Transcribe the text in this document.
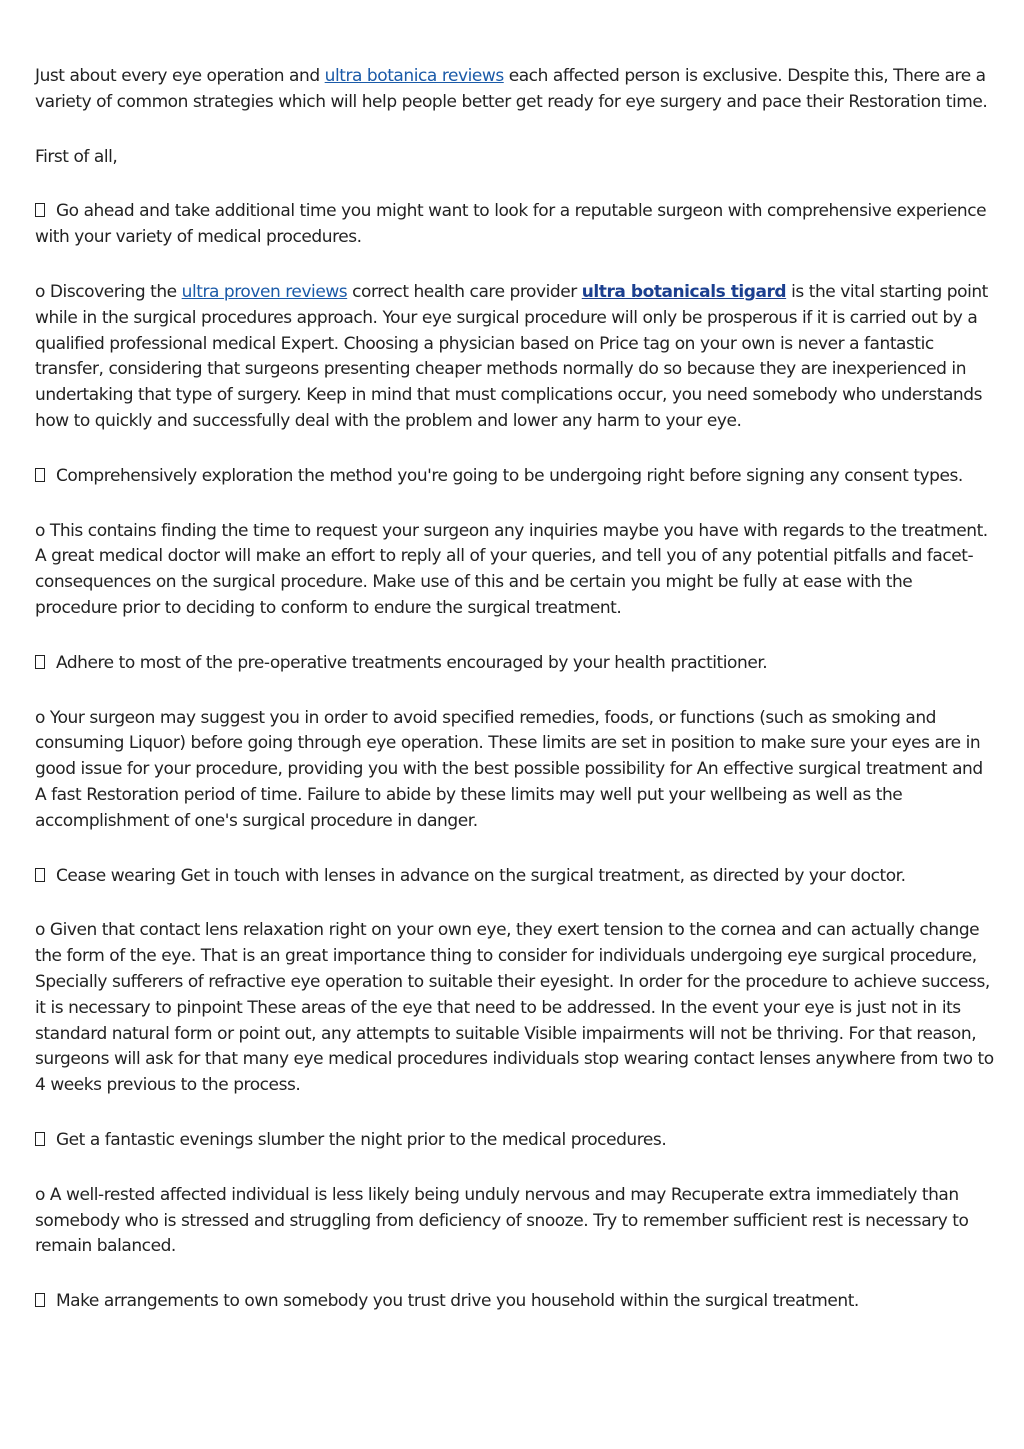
Just about every eye operation and ultra botanica reviews each affected person is exclusive. Despite this, There are a variety of common strategies which will help people better get ready for eye surgery and pace their Restoration time.

First of all,

Go ahead and take additional time you might want to look for a reputable surgeon with comprehensive experience with your variety of medical procedures.

o Discovering the ultra proven reviews correct health care provider ultra botanicals tigard is the vital starting point while in the surgical procedures approach. Your eye surgical procedure will only be prosperous if it is carried out by a qualified professional medical Expert. Choosing a physician based on Price tag on your own is never a fantastic transfer, considering that surgeons presenting cheaper methods normally do so because they are inexperienced in undertaking that type of surgery. Keep in mind that must complications occur, you need somebody who understands how to quickly and successfully deal with the problem and lower any harm to your eye.

Comprehensively exploration the method you're going to be undergoing right before signing any consent types.

o This contains finding the time to request your surgeon any inquiries maybe you have with regards to the treatment. A great medical doctor will make an effort to reply all of your queries, and tell you of any potential pitfalls and facet-consequences on the surgical procedure. Make use of this and be certain you might be fully at ease with the procedure prior to deciding to conform to endure the surgical treatment.

Adhere to most of the pre-operative treatments encouraged by your health practitioner.

o Your surgeon may suggest you in order to avoid specified remedies, foods, or functions (such as smoking and consuming Liquor) before going through eye operation. These limits are set in position to make sure your eyes are in good issue for your procedure, providing you with the best possible possibility for An effective surgical treatment and A fast Restoration period of time. Failure to abide by these limits may well put your wellbeing as well as the accomplishment of one's surgical procedure in danger.

Cease wearing Get in touch with lenses in advance on the surgical treatment, as directed by your doctor.

o Given that contact lens relaxation right on your own eye, they exert tension to the cornea and can actually change the form of the eye. That is an great importance thing to consider for individuals undergoing eye surgical procedure, Specially sufferers of refractive eye operation to suitable their eyesight. In order for the procedure to achieve success, it is necessary to pinpoint These areas of the eye that need to be addressed. In the event your eye is just not in its standard natural form or point out, any attempts to suitable Visible impairments will not be thriving. For that reason, surgeons will ask for that many eye medical procedures individuals stop wearing contact lenses anywhere from two to 4 weeks previous to the process.

Get a fantastic evenings slumber the night prior to the medical procedures.

o A well-rested affected individual is less likely being unduly nervous and may Recuperate extra immediately than somebody who is stressed and struggling from deficiency of snooze. Try to remember sufficient rest is necessary to remain balanced.

Make arrangements to own somebody you trust drive you household within the surgical treatment.
